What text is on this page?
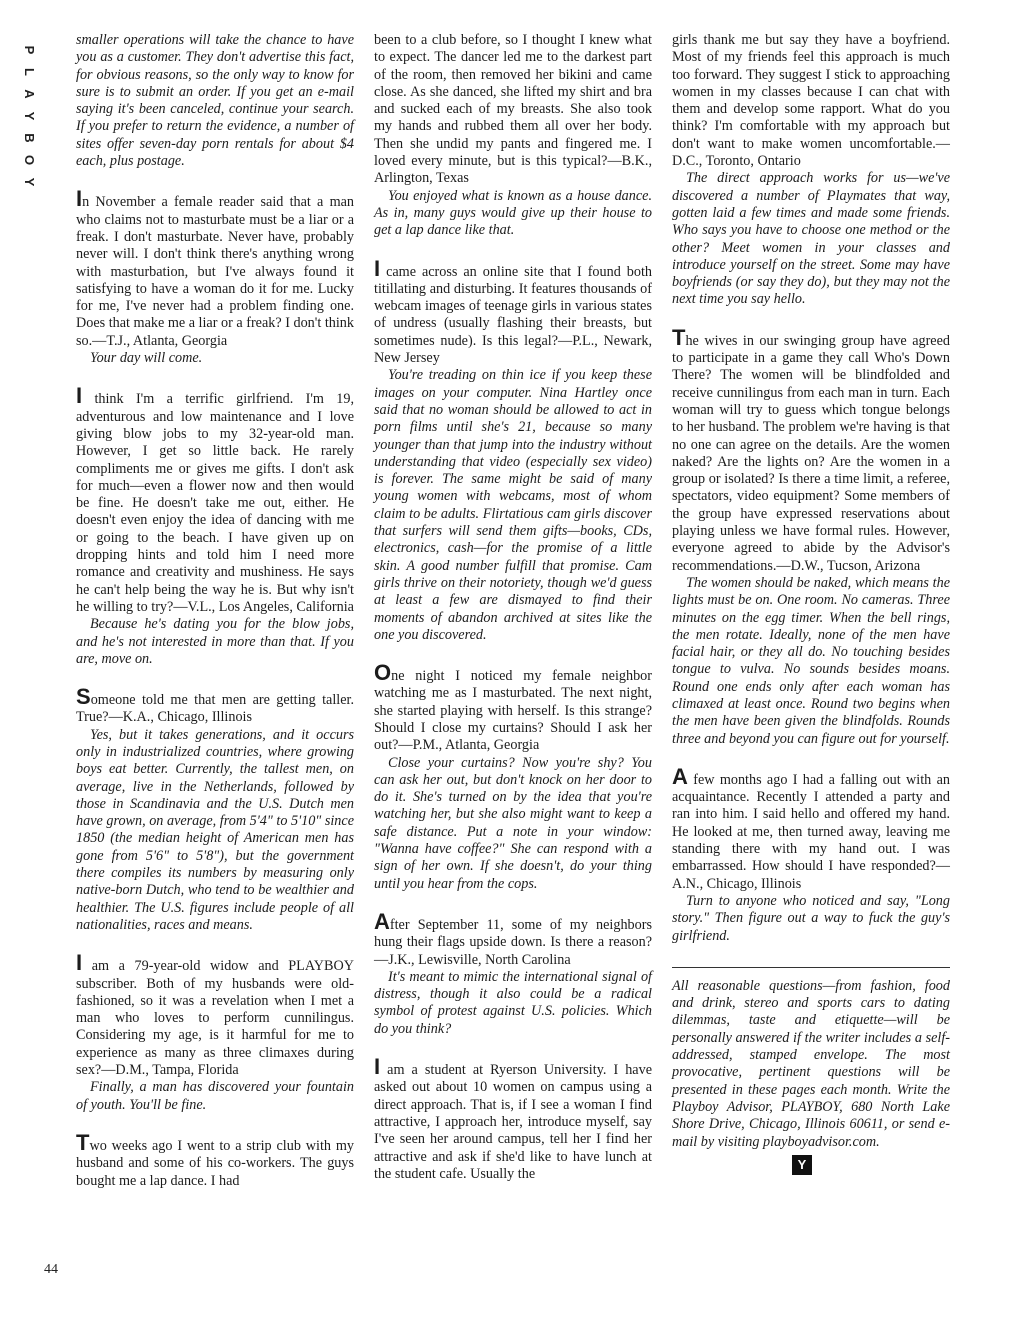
P
L
A
Y
B
O
Y
44

smaller operations will take the chance to have you as a customer. They don't advertise this fact, for obvious reasons, so the only way to know for sure is to submit an order. If you get an e-mail saying it's been canceled, continue your search. If you prefer to return the evidence, a number of sites offer seven-day porn rentals for about $4 each, plus postage.

In November a female reader said that a man who claims not to masturbate must be a liar or a freak. I don't masturbate. Never have, probably never will. I don't think there's anything wrong with masturbation, but I've always found it satisfying to have a woman do it for me. Lucky for me, I've never had a problem finding one. Does that make me a liar or a freak? I don't think so.—T.J., Atlanta, Georgia

Your day will come.

I think I'm a terrific girlfriend. I'm 19, adventurous and low maintenance and I love giving blow jobs to my 32-year-old man. However, I get so little back. He rarely compliments me or gives me gifts. I don't ask for much—even a flower now and then would be fine. He doesn't take me out, either. He doesn't even enjoy the idea of dancing with me or going to the beach. I have given up on dropping hints and told him I need more romance and creativity and mushiness. He says he can't help being the way he is. But why isn't he willing to try?—V.L., Los Angeles, California

Because he's dating you for the blow jobs, and he's not interested in more than that. If you are, move on.

Someone told me that men are getting taller. True?—K.A., Chicago, Illinois

Yes, but it takes generations, and it occurs only in industrialized countries, where growing boys eat better. Currently, the tallest men, on average, live in the Netherlands, followed by those in Scandinavia and the U.S. Dutch men have grown, on average, from 5'4" to 5'10" since 1850 (the median height of American men has gone from 5'6" to 5'8"), but the government there compiles its numbers by measuring only native-born Dutch, who tend to be wealthier and healthier. The U.S. figures include people of all nationalities, races and means.

I am a 79-year-old widow and PLAYBOY subscriber. Both of my husbands were old-fashioned, so it was a revelation when I met a man who loves to perform cunnilingus. Considering my age, is it harmful for me to experience as many as three climaxes during sex?—D.M., Tampa, Florida

Finally, a man has discovered your fountain of youth. You'll be fine.

Two weeks ago I went to a strip club with my husband and some of his co-workers. The guys bought me a lap dance. I had

been to a club before, so I thought I knew what to expect. The dancer led me to the darkest part of the room, then removed her bikini and came close. As she danced, she lifted my shirt and bra and sucked each of my breasts. She also took my hands and rubbed them all over her body. Then she undid my pants and fingered me. I loved every minute, but is this typical?—B.K., Arlington, Texas

You enjoyed what is known as a house dance. As in, many guys would give up their house to get a lap dance like that.

I came across an online site that I found both titillating and disturbing. It features thousands of webcam images of teenage girls in various states of undress (usually flashing their breasts, but sometimes nude). Is this legal?—P.L., Newark, New Jersey

You're treading on thin ice if you keep these images on your computer. Nina Hartley once said that no woman should be allowed to act in porn films until she's 21, because so many younger than that jump into the industry without understanding that video (especially sex video) is forever. The same might be said of many young women with webcams, most of whom claim to be adults. Flirtatious cam girls discover that surfers will send them gifts—books, CDs, electronics, cash—for the promise of a little skin. A good number fulfill that promise. Cam girls thrive on their notoriety, though we'd guess at least a few are dismayed to find their moments of abandon archived at sites like the one you discovered.

One night I noticed my female neighbor watching me as I masturbated. The next night, she started playing with herself. Is this strange? Should I close my curtains? Should I ask her out?—P.M., Atlanta, Georgia

Close your curtains? Now you're shy? You can ask her out, but don't knock on her door to do it. She's turned on by the idea that you're watching her, but she also might want to keep a safe distance. Put a note in your window: "Wanna have coffee?" She can respond with a sign of her own. If she doesn't, do your thing until you hear from the cops.

After September 11, some of my neighbors hung their flags upside down. Is there a reason?—J.K., Lewisville, North Carolina

It's meant to mimic the international signal of distress, though it also could be a radical symbol of protest against U.S. policies. Which do you think?

I am a student at Ryerson University. I have asked out about 10 women on campus using a direct approach. That is, if I see a woman I find attractive, I approach her, introduce myself, say I've seen her around campus, tell her I find her attractive and ask if she'd like to have lunch at the student cafe. Usually the

girls thank me but say they have a boyfriend. Most of my friends feel this approach is much too forward. They suggest I stick to approaching women in my classes because I can chat with them and develop some rapport. What do you think? I'm comfortable with my approach but don't want to make women uncomfortable.—D.C., Toronto, Ontario

The direct approach works for us—we've discovered a number of Playmates that way, gotten laid a few times and made some friends. Who says you have to choose one method or the other? Meet women in your classes and introduce yourself on the street. Some may have boyfriends (or say they do), but they may not the next time you say hello.

The wives in our swinging group have agreed to participate in a game they call Who's Down There? The women will be blindfolded and receive cunnilingus from each man in turn. Each woman will try to guess which tongue belongs to her husband. The problem we're having is that no one can agree on the details. Are the women naked? Are the lights on? Are the women in a group or isolated? Is there a time limit, a referee, spectators, video equipment? Some members of the group have expressed reservations about playing unless we have formal rules. However, everyone agreed to abide by the Advisor's recommendations.—D.W., Tucson, Arizona

The women should be naked, which means the lights must be on. One room. No cameras. Three minutes on the egg timer. When the bell rings, the men rotate. Ideally, none of the men have facial hair, or they all do. No touching besides tongue to vulva. No sounds besides moans. Round one ends only after each woman has climaxed at least once. Round two begins when the men have been given the blindfolds. Rounds three and beyond you can figure out for yourself.

A few months ago I had a falling out with an acquaintance. Recently I attended a party and ran into him. I said hello and offered my hand. He looked at me, then turned away, leaving me standing there with my hand out. I was embarrassed. How should I have responded?—A.N., Chicago, Illinois

Turn to anyone who noticed and say, "Long story." Then figure out a way to fuck the guy's girlfriend.

All reasonable questions—from fashion, food and drink, stereo and sports cars to dating dilemmas, taste and etiquette—will be personally answered if the writer includes a self-addressed, stamped envelope. The most provocative, pertinent questions will be presented in these pages each month. Write the Playboy Advisor, PLAYBOY, 680 North Lake Shore Drive, Chicago, Illinois 60611, or send e-mail by visiting playboyadvisor.com.

Y
